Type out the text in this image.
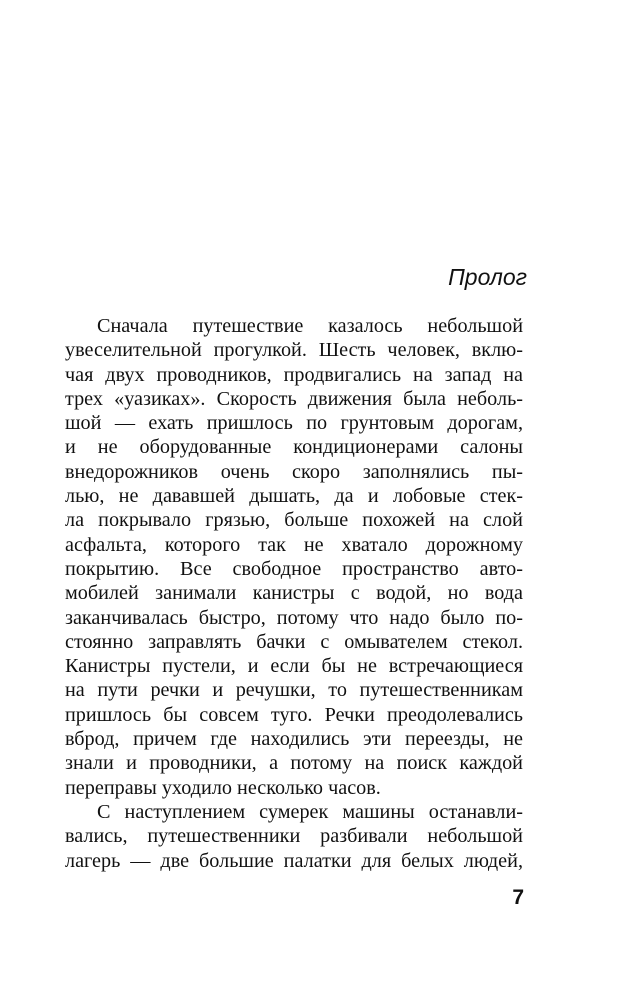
Пролог
Сначала путешествие казалось небольшой
увеселительной прогулкой. Шесть человек, вклю-
чая двух проводников, продвигались на запад на
трех «уазиках». Скорость движения была неболь-
шой — ехать пришлось по грунтовым дорогам,
и не оборудованные кондиционерами салоны
внедорожников очень скоро заполнялись пы-
лью, не дававшей дышать, да и лобовые стек-
ла покрывало грязью, больше похожей на слой
асфальта, которого так не хватало дорожному
покрытию. Все свободное пространство авто-
мобилей занимали канистры с водой, но вода
заканчивалась быстро, потому что надо было по-
стоянно заправлять бачки с омывателем стекол.
Канистры пустели, и если бы не встречающиеся
на пути речки и речушки, то путешественникам
пришлось бы совсем туго. Речки преодолевались
вброд, причем где находились эти переезды, не
знали и проводники, а потому на поиск каждой
переправы уходило несколько часов.
С наступлением сумерек машины останавли-
вались, путешественники разбивали небольшой
лагерь — две большие палатки для белых людей,
7
